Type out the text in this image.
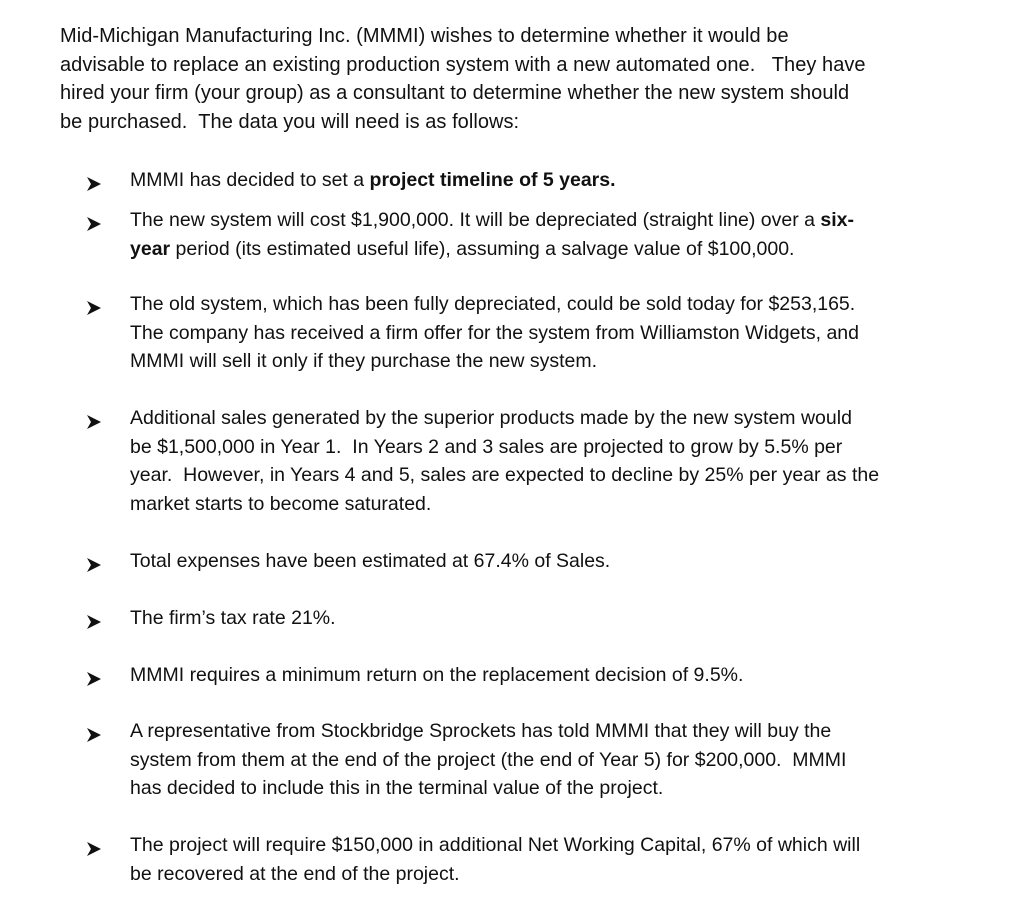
Mid-Michigan Manufacturing Inc. (MMMI) wishes to determine whether it would be
advisable to replace an existing production system with a new automated one.   They have
hired your firm (your group) as a consultant to determine whether the new system should
be purchased.  The data you will need is as follows:

MMMI has decided to set a project timeline of 5 years.
The new system will cost $1,900,000. It will be depreciated (straight line) over a six-
year period (its estimated useful life), assuming a salvage value of $100,000.
The old system, which has been fully depreciated, could be sold today for $253,165.
The company has received a firm offer for the system from Williamston Widgets, and
MMMI will sell it only if they purchase the new system.
Additional sales generated by the superior products made by the new system would
be $1,500,000 in Year 1.  In Years 2 and 3 sales are projected to grow by 5.5% per
year.  However, in Years 4 and 5, sales are expected to decline by 25% per year as the
market starts to become saturated.
Total expenses have been estimated at 67.4% of Sales.
The firm’s tax rate 21%.
MMMI requires a minimum return on the replacement decision of 9.5%.
A representative from Stockbridge Sprockets has told MMMI that they will buy the
system from them at the end of the project (the end of Year 5) for $200,000.  MMMI
has decided to include this in the terminal value of the project.
The project will require $150,000 in additional Net Working Capital, 67% of which will
be recovered at the end of the project.
